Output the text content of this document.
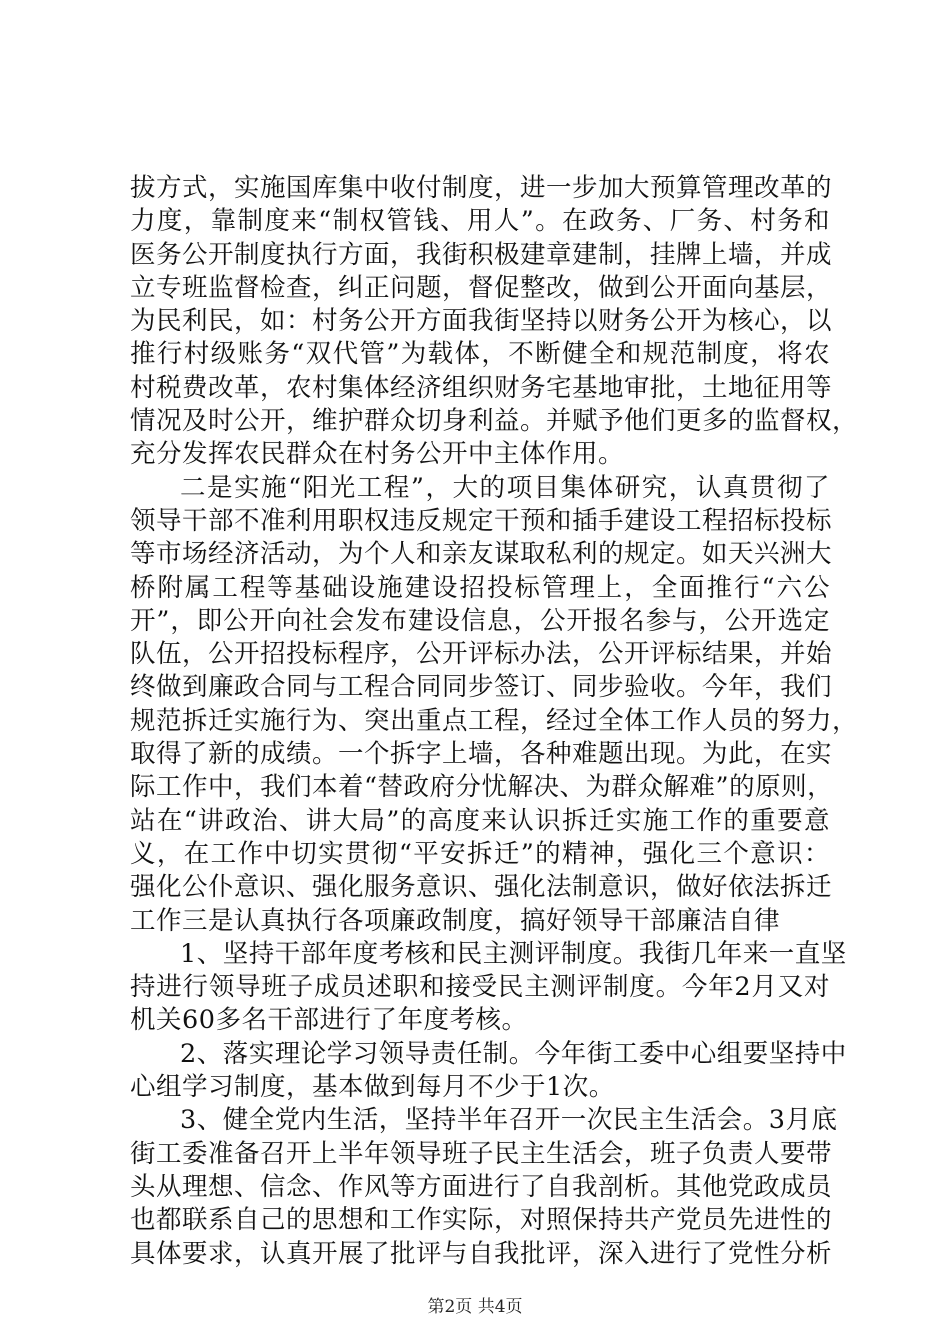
拔方式，实施国库集中收付制度，进一步加大预算管理改革的
力度，靠制度来“制权管钱、用人”。在政务、厂务、村务和
医务公开制度执行方面，我街积极建章建制，挂牌上墙，并成
立专班监督检查，纠正问题，督促整改，做到公开面向基层，
为民利民，如：村务公开方面我街坚持以财务公开为核心，以
推行村级账务“双代管”为载体，不断健全和规范制度，将农
村税费改革，农村集体经济组织财务宅基地审批，土地征用等
情况及时公开，维护群众切身利益。并赋予他们更多的监督权，
充分发挥农民群众在村务公开中主体作用。
二是实施“阳光工程”，大的项目集体研究，认真贯彻了
领导干部不准利用职权违反规定干预和插手建设工程招标投标
等市场经济活动，为个人和亲友谋取私利的规定。如天兴洲大
桥附属工程等基础设施建设招投标管理上，全面推行“六公
开”，即公开向社会发布建设信息，公开报名参与，公开选定
队伍，公开招投标程序，公开评标办法，公开评标结果，并始
终做到廉政合同与工程合同同步签订、同步验收。今年，我们
规范拆迁实施行为、突出重点工程，经过全体工作人员的努力，
取得了新的成绩。一个拆字上墙，各种难题出现。为此，在实
际工作中，我们本着“替政府分忧解决、为群众解难”的原则，
站在“讲政治、讲大局”的高度来认识拆迁实施工作的重要意
义，在工作中切实贯彻“平安拆迁”的精神，强化三个意识：
强化公仆意识、强化服务意识、强化法制意识，做好依法拆迁
工作三是认真执行各项廉政制度，搞好领导干部廉洁自律
1、坚持干部年度考核和民主测评制度。我街几年来一直坚
持进行领导班子成员述职和接受民主测评制度。今年2月又对
机关60多名干部进行了年度考核。
2、落实理论学习领导责任制。今年街工委中心组要坚持中
心组学习制度，基本做到每月不少于1次。
3、健全党内生活，坚持半年召开一次民主生活会。3月底
街工委准备召开上半年领导班子民主生活会，班子负责人要带
头从理想、信念、作风等方面进行了自我剖析。其他党政成员
也都联系自己的思想和工作实际，对照保持共产党员先进性的
具体要求，认真开展了批评与自我批评，深入进行了党性分析
第2页 共4页
